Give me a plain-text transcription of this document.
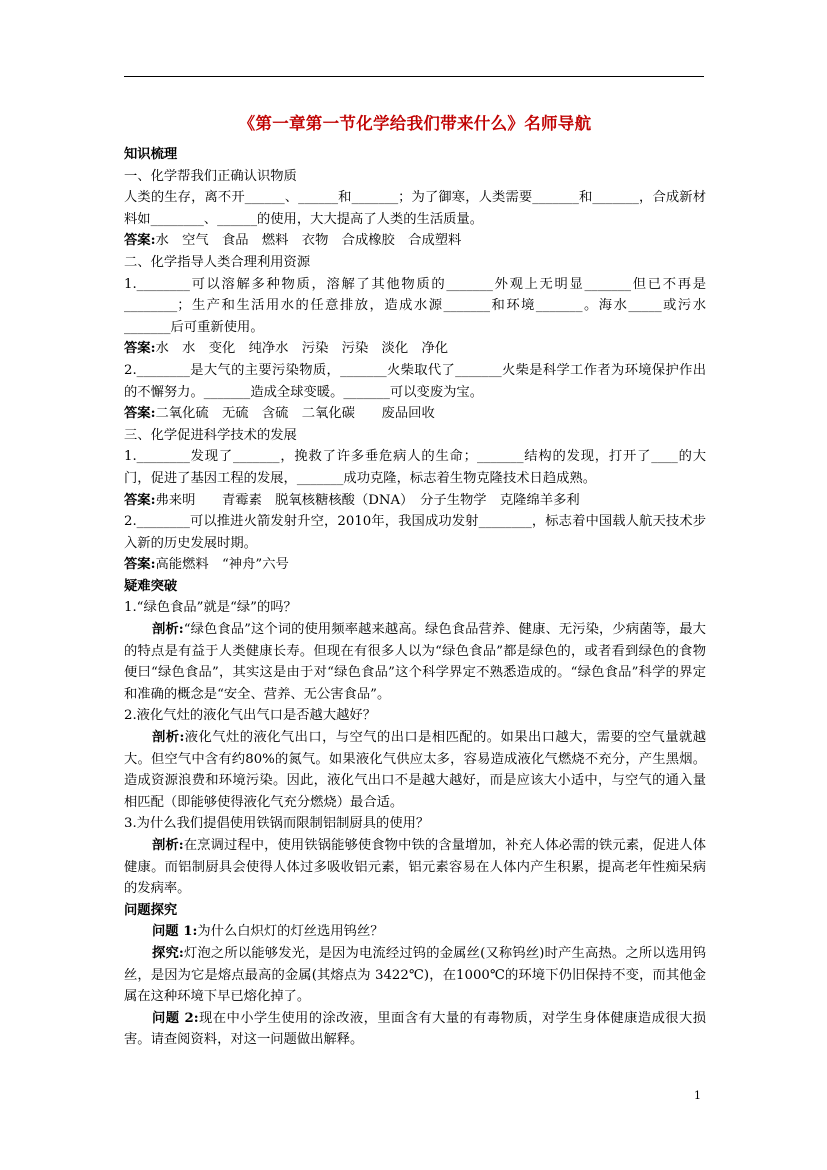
《第一章第一节化学给我们带来什么》名师导航

知识梳理

一、化学帮我们正确认识物质

人类的生存，离不开______、______和_______；为了御寒，人类需要_______和_______，合成新材料如________、______的使用，大大提高了人类的生活质量。

答案:水　空气　食品　燃料　衣物　合成橡胶　合成塑料

二、化学指导人类合理利用资源

1.________可以溶解多种物质，溶解了其他物质的_______外观上无明显_______但已不再是________；生产和生活用水的任意排放，造成水源_______和环境_______。海水_____或污水_______后可重新使用。

答案:水　水　变化　纯净水　污染　污染　淡化　净化

2.________是大气的主要污染物质，_______火柴取代了_______火柴是科学工作者为环境保护作出的不懈努力。_______造成全球变暖。_______可以变废为宝。

答案:二氧化硫　无硫　含硫　二氧化碳　　废品回收

三、化学促进科学技术的发展

1.________发现了_______，挽救了许多垂危病人的生命；_______结构的发现，打开了____的大门，促进了基因工程的发展，_______成功克隆，标志着生物克隆技术日趋成熟。

答案:弗来明　　青霉素　脱氧核糖核酸（DNA）　分子生物学　克隆绵羊多利

2.________可以推进火箭发射升空，2010年，我国成功发射________，标志着中国载人航天技术步入新的历史发展时期。

答案:高能燃料　“神舟”六号

疑难突破

1.“绿色食品”就是“绿”的吗？

剖析:“绿色食品”这个词的使用频率越来越高。绿色食品营养、健康、无污染，少病菌等，最大的特点是有益于人类健康长寿。但现在有很多人以为“绿色食品”都是绿色的，或者看到绿色的食物便曰“绿色食品”，其实这是由于对“绿色食品”这个科学界定不熟悉造成的。“绿色食品”科学的界定和准确的概念是“安全、营养、无公害食品”。

2.液化气灶的液化气出气口是否越大越好？

剖析:液化气灶的液化气出口，与空气的出口是相匹配的。如果出口越大，需要的空气量就越大。但空气中含有约80%的氮气。如果液化气供应太多，容易造成液化气燃烧不充分，产生黑烟。造成资源浪费和环境污染。因此，液化气出口不是越大越好，而是应该大小适中，与空气的通入量相匹配（即能够使得液化气充分燃烧）最合适。

3.为什么我们提倡使用铁锅而限制铝制厨具的使用？

剖析:在烹调过程中，使用铁锅能够使食物中铁的含量增加，补充人体必需的铁元素，促进人体健康。而铝制厨具会使得人体过多吸收铝元素，铝元素容易在人体内产生积累，提高老年性痴呆病的发病率。

问题探究

问题 1:为什么白炽灯的灯丝选用钨丝？

探究:灯泡之所以能够发光，是因为电流经过钨的金属丝(又称钨丝)时产生高热。之所以选用钨丝，是因为它是熔点最高的金属(其熔点为 3422℃)，在1000℃的环境下仍旧保持不变，而其他金属在这种环境下早已熔化掉了。

问题 2:现在中小学生使用的涂改液，里面含有大量的有毒物质，对学生身体健康造成很大损害。请查阅资料，对这一问题做出解释。

1
